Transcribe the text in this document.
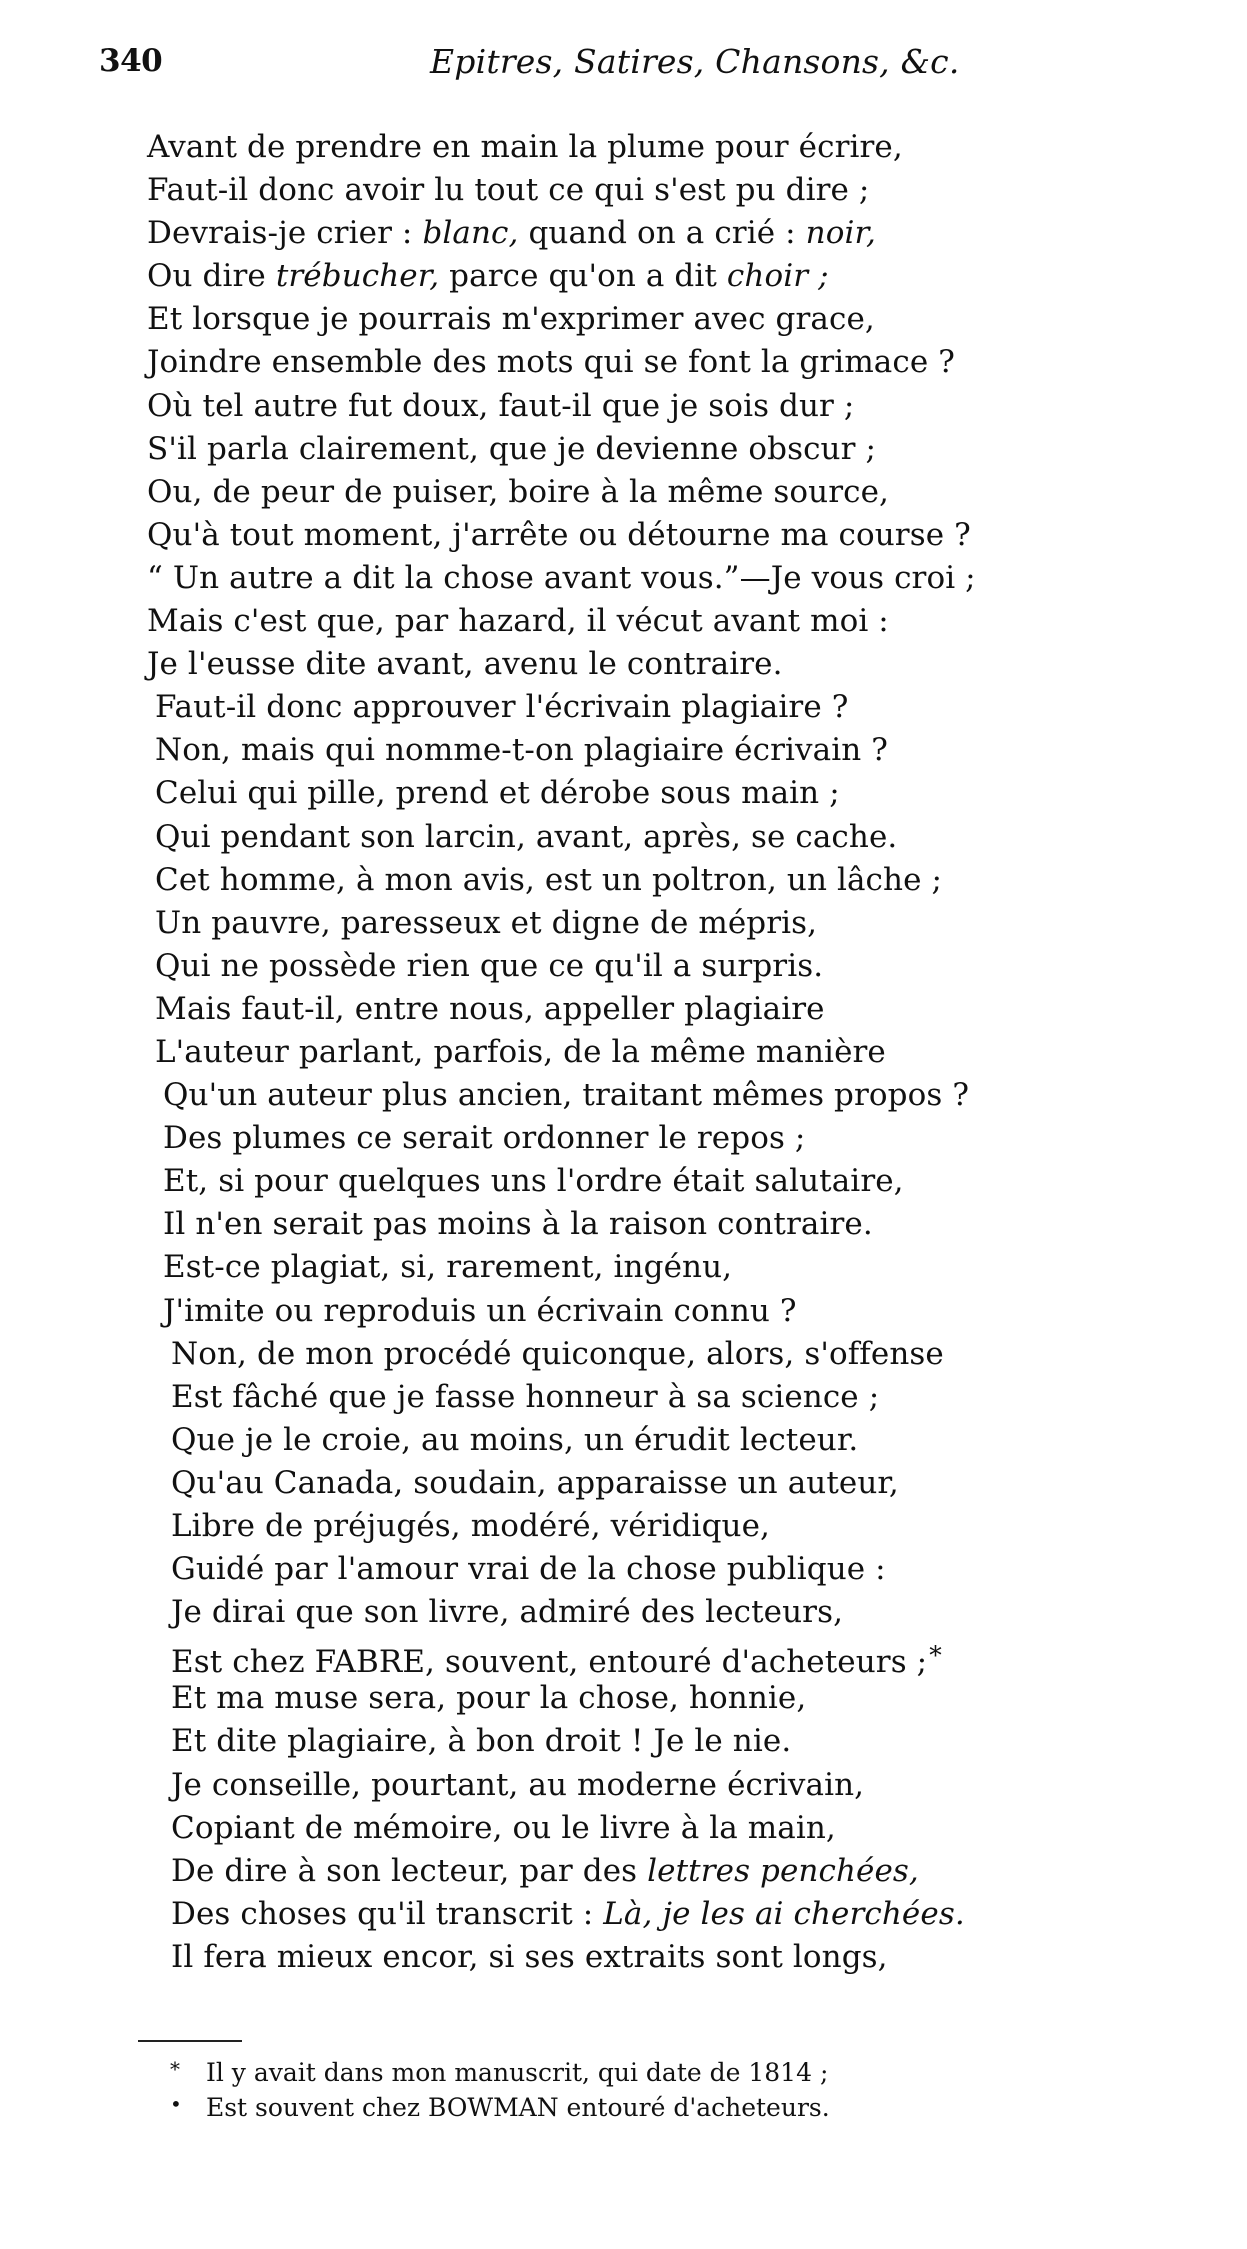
340	Epitres, Satires, Chansons, &c.
Avant de prendre en main la plume pour écrire,
Faut-il donc avoir lu tout ce qui s'est pu dire ;
Devrais-je crier : blanc, quand on a crié : noir,
Ou dire trébucher, parce qu'on a dit choir ;
Et lorsque je pourrais m'exprimer avec grace,
Joindre ensemble des mots qui se font la grimace ?
Où tel autre fut doux, faut-il que je sois dur ;
S'il parla clairement, que je devienne obscur ;
Ou, de peur de puiser, boire à la même source,
Qu'à tout moment, j'arrête ou détourne ma course ?
“ Un autre a dit la chose avant vous.”—Je vous croi ;
Mais c'est que, par hazard, il vécut avant moi :
Je l'eusse dite avant, avenu le contraire.
Faut-il donc approuver l'écrivain plagiaire ?
Non, mais qui nomme-t-on plagiaire écrivain ?
Celui qui pille, prend et dérobe sous main ;
Qui pendant son larcin, avant, après, se cache.
Cet homme, à mon avis, est un poltron, un lâche ;
Un pauvre, paresseux et digne de mépris,
Qui ne possède rien que ce qu'il a surpris.
Mais faut-il, entre nous, appeller plagiaire
L'auteur parlant, parfois, de la même manière
Qu'un auteur plus ancien, traitant mêmes propos ?
Des plumes ce serait ordonner le repos ;
Et, si pour quelques uns l'ordre était salutaire,
Il n'en serait pas moins à la raison contraire.
Est-ce plagiat, si, rarement, ingénu,
J'imite ou reproduis un écrivain connu ?
Non, de mon procédé quiconque, alors, s'offense
Est fâché que je fasse honneur à sa science ;
Que je le croie, au moins, un érudit lecteur.
Qu'au Canada, soudain, apparaisse un auteur,
Libre de préjugés, modéré, véridique,
Guidé par l'amour vrai de la chose publique :
Je dirai que son livre, admiré des lecteurs,
Est chez FABRE, souvent, entouré d'acheteurs ;*
Et ma muse sera, pour la chose, honnie,
Et dite plagiaire, à bon droit ! Je le nie.
Je conseille, pourtant, au moderne écrivain,
Copiant de mémoire, ou le livre à la main,
De dire à son lecteur, par des lettres penchées,
Des choses qu'il transcrit : Là, je les ai cherchées.
Il fera mieux encor, si ses extraits sont longs,
* Il y avait dans mon manuscrit, qui date de 1814 ;
• Est souvent chez BOWMAN entouré d'acheteurs.
